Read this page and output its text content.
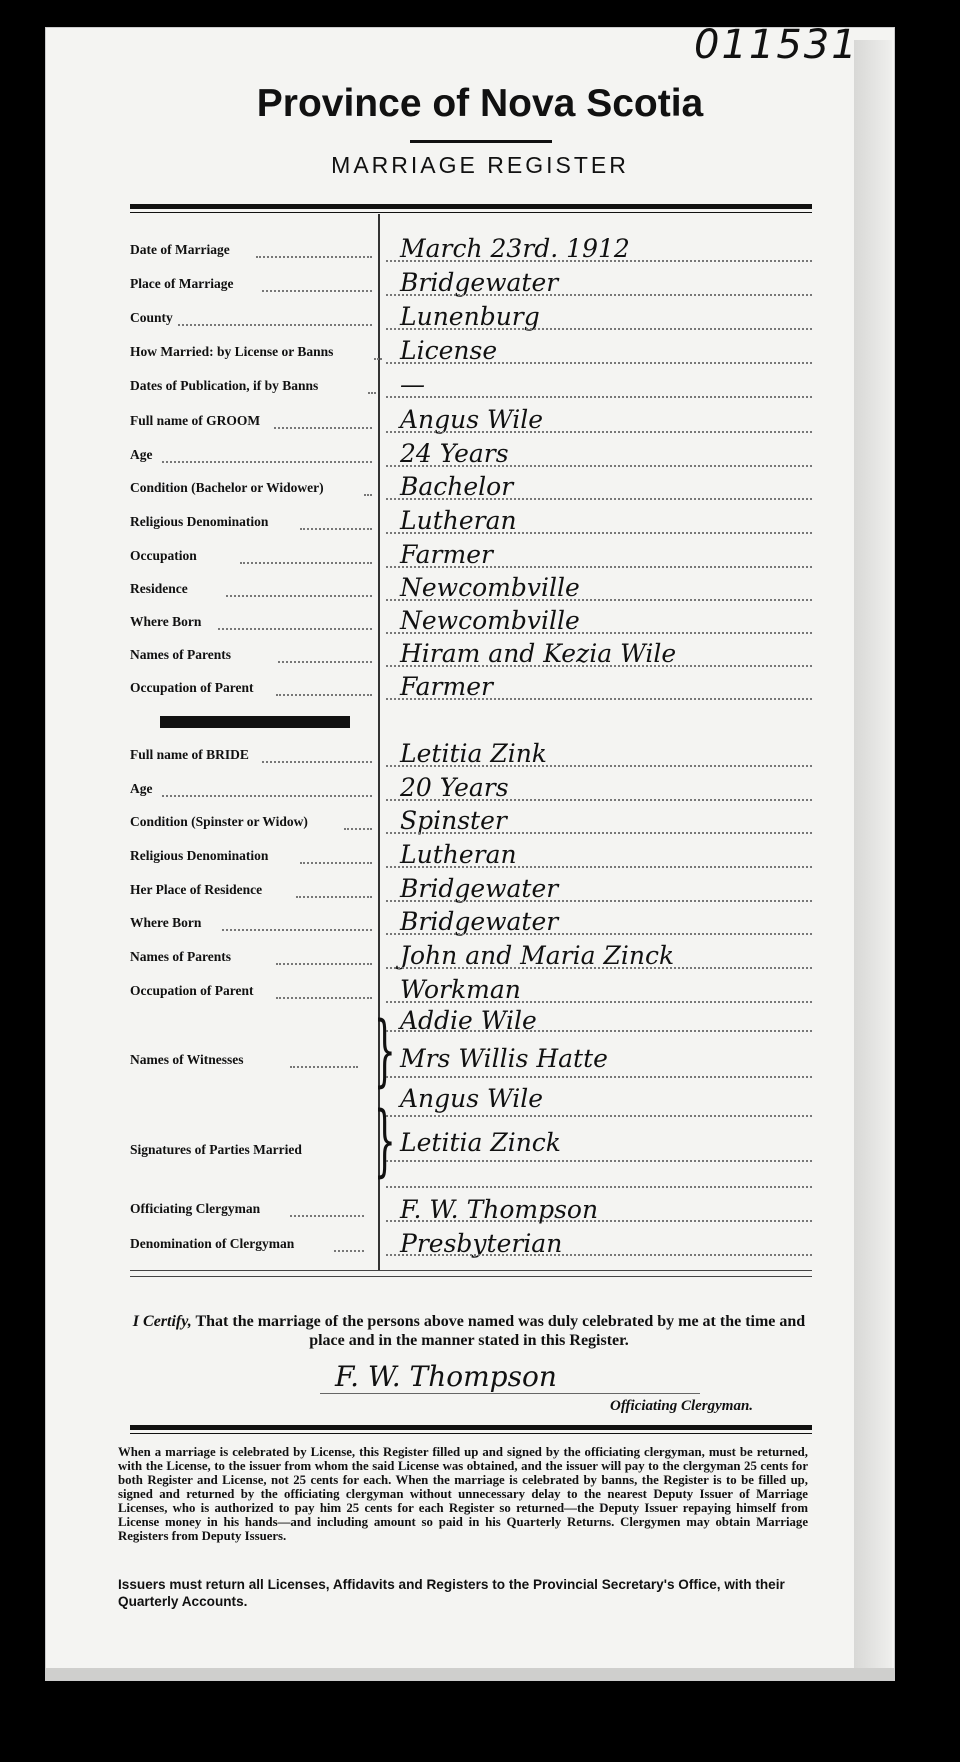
011531
Province of Nova Scotia
MARRIAGE REGISTER
Date of Marriage	March 23rd. 1912
Place of Marriage	Bridgewater
County	Lunenburg
How Married: by License or Banns	License
Dates of Publication, if by Banns	—
Full name of GROOM	Angus Wile
Age	24 Years
Condition (Bachelor or Widower)	Bachelor
Religious Denomination	Lutheran
Occupation	Farmer
Residence	Newcombville
Where Born	Newcombville
Names of Parents	Hiram and Kezia Wile
Occupation of Parent	Farmer
Full name of BRIDE	Letitia Zink
Age	20 Years
Condition (Spinster or Widow)	Spinster
Religious Denomination	Lutheran
Her Place of Residence	Bridgewater
Where Born	Bridgewater
Names of Parents	John and Maria Zinck
Occupation of Parent	Workman
Names of Witnesses } Addie Wile
Mrs Willis Hatte
Signatures of Parties Married } Angus Wile
Letitia Zinck
Officiating Clergyman	F. W. Thompson
Denomination of Clergyman	Presbyterian
I Certify, That the marriage of the persons above named was duly celebrated by me at the time and place and in the manner stated in this Register.
F. W. Thompson
Officiating Clergyman.
When a marriage is celebrated by License, this Register filled up and signed by the officiating clergyman, must be returned, with the License, to the issuer from whom the said License was obtained, and the issuer will pay to the clergyman 25 cents for both Register and License, not 25 cents for each. When the marriage is celebrated by banns, the Register is to be filled up, signed and returned by the officiating clergyman without unnecessary delay to the nearest Deputy Issuer of Marriage Licenses, who is authorized to pay him 25 cents for each Register so returned—the Deputy Issuer repaying himself from License money in his hands—and including amount so paid in his Quarterly Returns. Clergymen may obtain Marriage Registers from Deputy Issuers.
Issuers must return all Licenses, Affidavits and Registers to the Provincial Secretary's Office, with their Quarterly Accounts.
